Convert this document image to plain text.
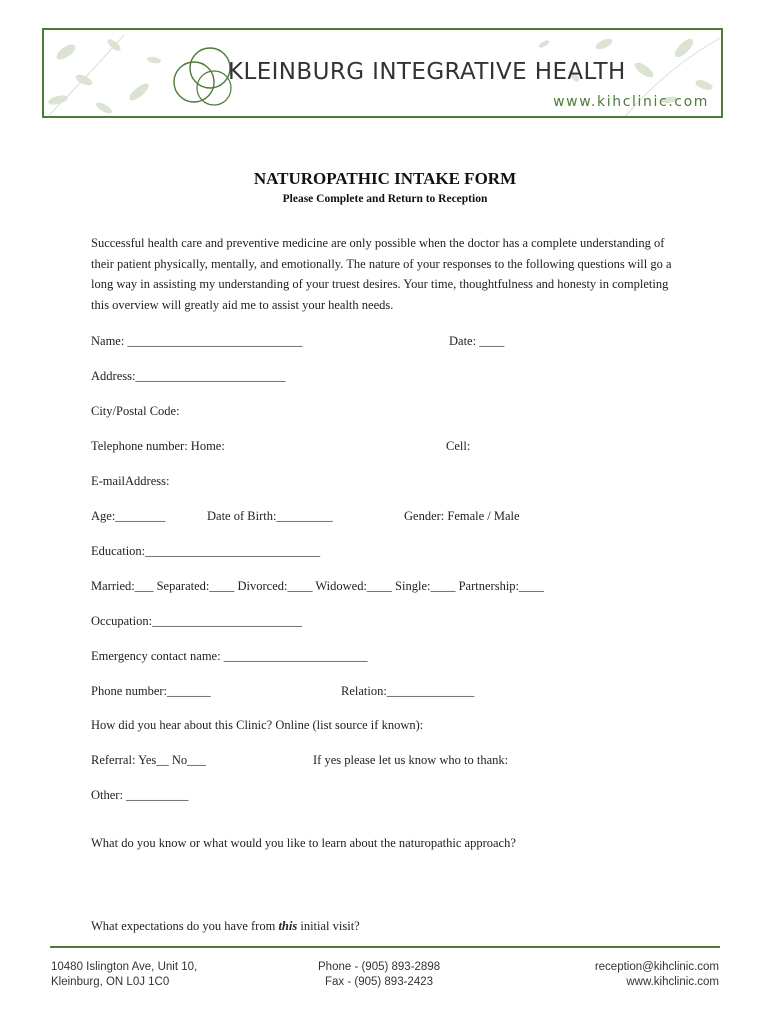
KLEINBURG INTEGRATIVE HEALTH
www.kihclinic.com
NATUROPATHIC INTAKE FORM
Please Complete and Return to Reception
Successful health care and preventive medicine are only possible when the doctor has a complete understanding of their patient physically, mentally, and emotionally. The nature of your responses to the following questions will go a long way in assisting my understanding of your truest desires. Your time, thoughtfulness and honesty in completing this overview will greatly aid me to assist your health needs.
Name: ____________________________	Date: ____
Address:________________________
City/Postal Code:
Telephone number: Home:	Cell:
E-mailAddress:
Age:________	Date of Birth:_________	Gender: Female / Male
Education:____________________________
Married:___ Separated:____ Divorced:____ Widowed:____ Single:____ Partnership:____
Occupation:________________________
Emergency contact name: _______________________
Phone number:_______	Relation:______________
How did you hear about this Clinic? Online (list source if known):
Referral: Yes__ No___	If yes please let us know who to thank:
Other: __________
What do you know or what would you like to learn about the naturopathic approach?
What expectations do you have from this initial visit?
10480 Islington Ave, Unit 10,
Kleinburg, ON L0J 1C0
Phone - (905) 893-2898
Fax - (905) 893-2423
reception@kihclinic.com
www.kihclinic.com
